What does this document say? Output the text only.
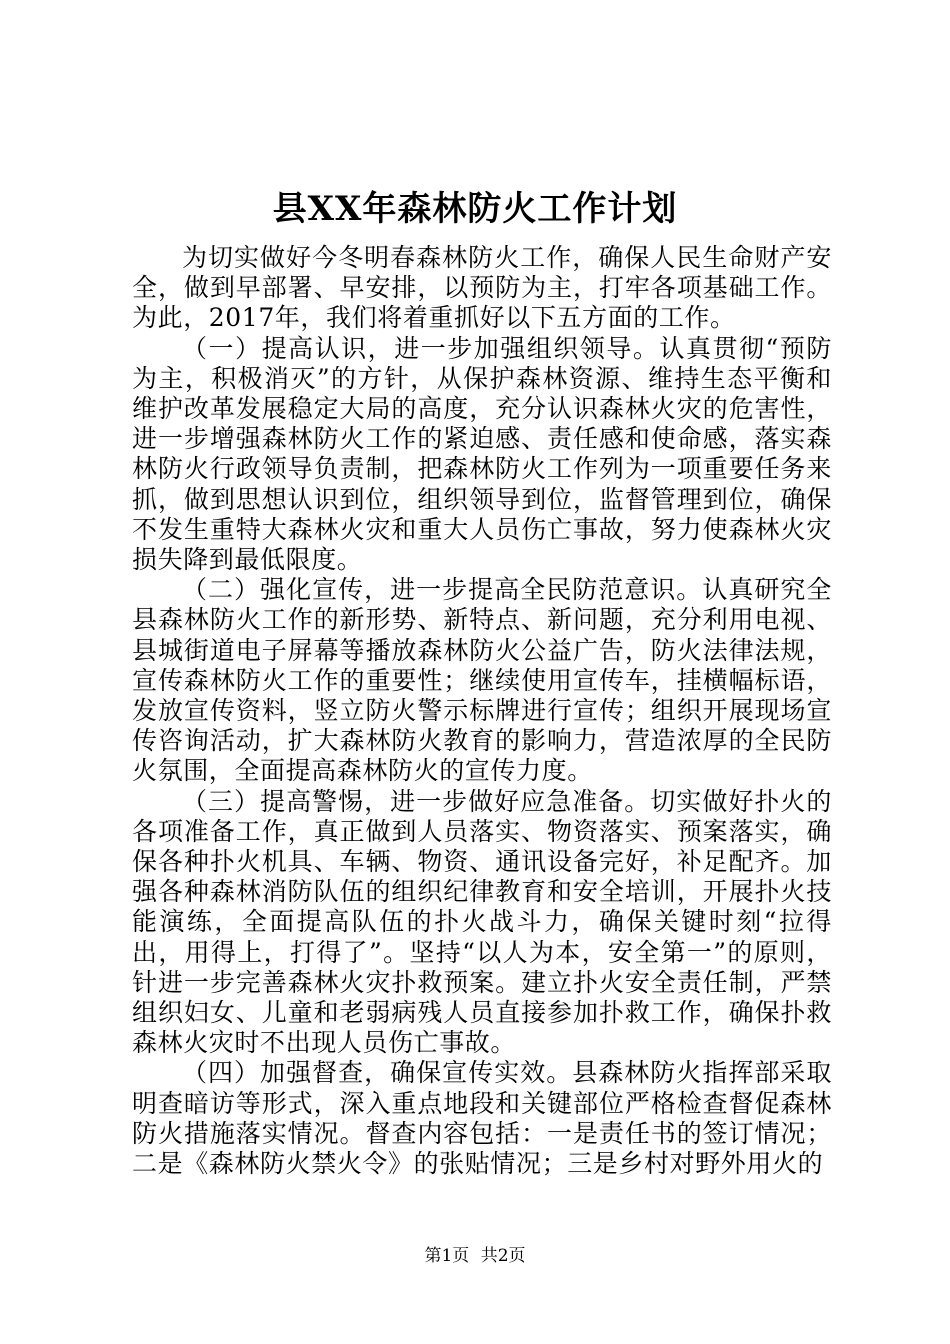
县XX年森林防火工作计划

为切实做好今冬明春森林防火工作，确保人民生命财产安全，做到早部署、早安排，以预防为主，打牢各项基础工作。为此，2017年，我们将着重抓好以下五方面的工作。

（一）提高认识，进一步加强组织领导。认真贯彻“预防为主，积极消灭”的方针，从保护森林资源、维持生态平衡和维护改革发展稳定大局的高度，充分认识森林火灾的危害性，进一步增强森林防火工作的紧迫感、责任感和使命感，落实森林防火行政领导负责制，把森林防火工作列为一项重要任务来抓，做到思想认识到位，组织领导到位，监督管理到位，确保不发生重特大森林火灾和重大人员伤亡事故，努力使森林火灾损失降到最低限度。

（二）强化宣传，进一步提高全民防范意识。认真研究全县森林防火工作的新形势、新特点、新问题，充分利用电视、县城街道电子屏幕等播放森林防火公益广告，防火法律法规，宣传森林防火工作的重要性；继续使用宣传车，挂横幅标语，发放宣传资料，竖立防火警示标牌进行宣传；组织开展现场宣传咨询活动，扩大森林防火教育的影响力，营造浓厚的全民防火氛围，全面提高森林防火的宣传力度。

（三）提高警惕，进一步做好应急准备。切实做好扑火的各项准备工作，真正做到人员落实、物资落实、预案落实，确保各种扑火机具、车辆、物资、通讯设备完好，补足配齐。加强各种森林消防队伍的组织纪律教育和安全培训，开展扑火技能演练，全面提高队伍的扑火战斗力，确保关键时刻“拉得出，用得上，打得了”。坚持“以人为本，安全第一”的原则，针进一步完善森林火灾扑救预案。建立扑火安全责任制，严禁组织妇女、儿童和老弱病残人员直接参加扑救工作，确保扑救森林火灾时不出现人员伤亡事故。

（四）加强督查，确保宣传实效。县森林防火指挥部采取明查暗访等形式，深入重点地段和关键部位严格检查督促森林防火措施落实情况。督查内容包括：一是责任书的签订情况；二是《森林防火禁火令》的张贴情况；三是乡村对野外用火的

第1页 共2页
